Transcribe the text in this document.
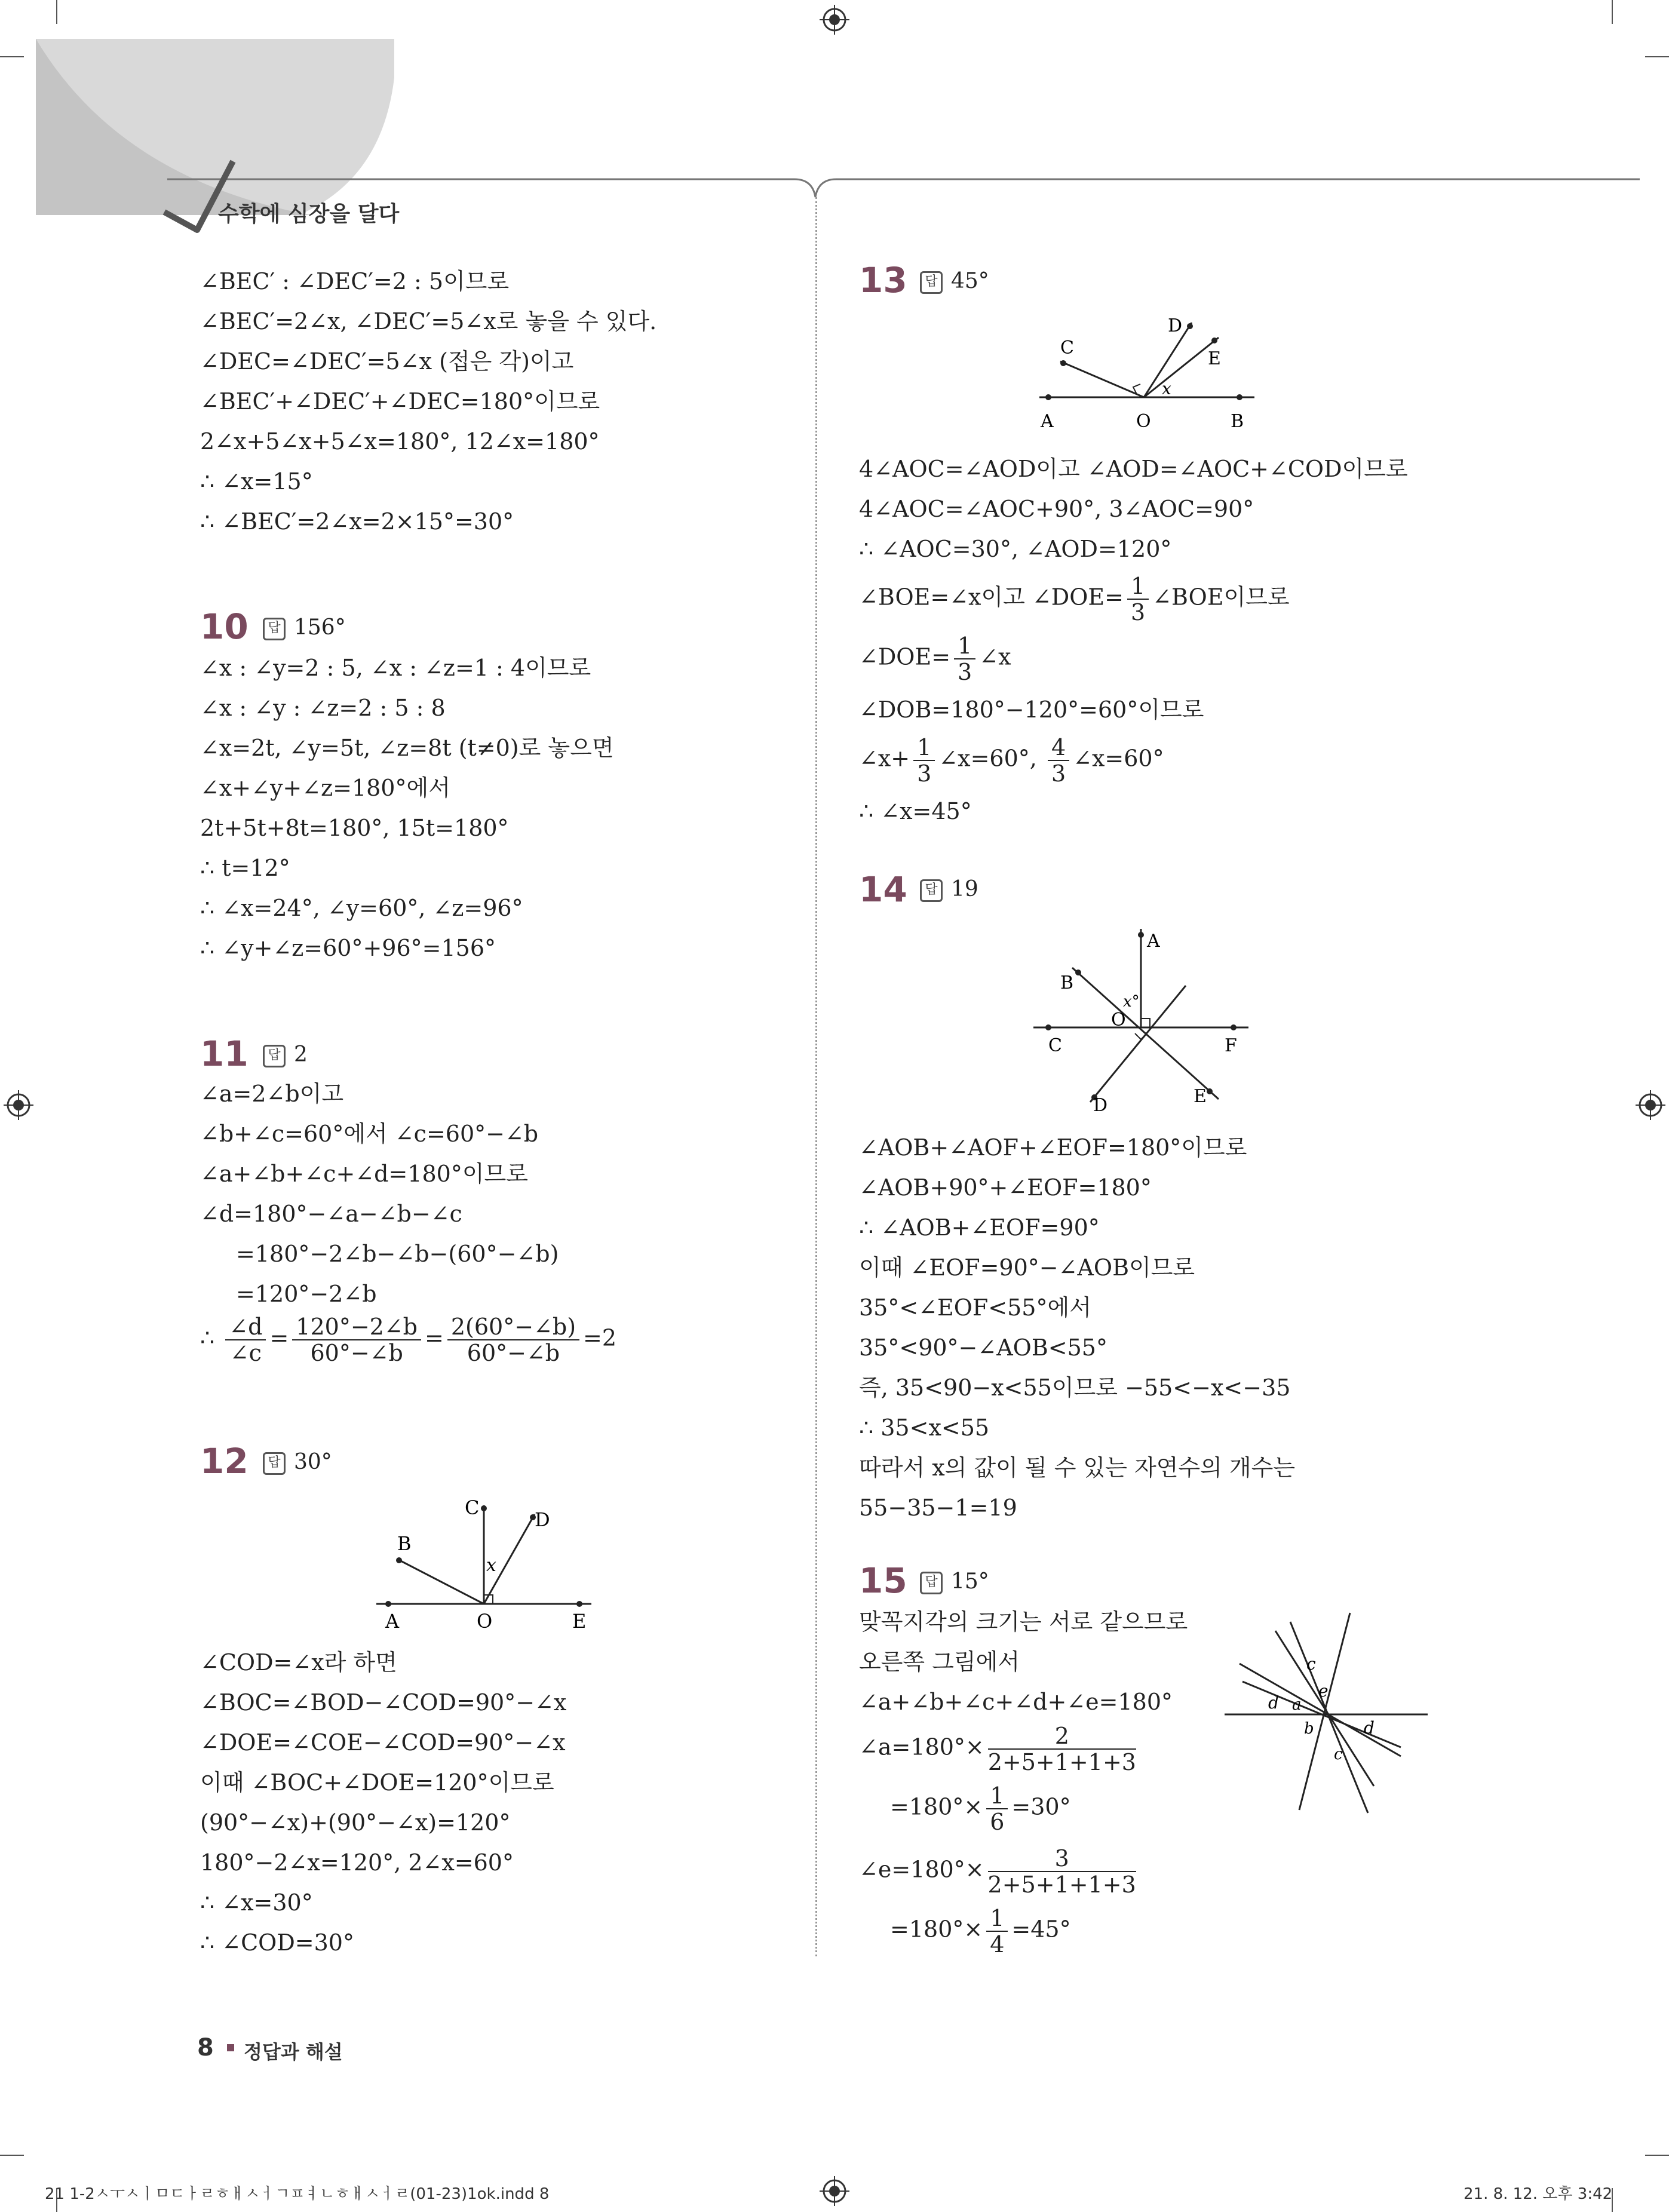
수학에 심장을 달다
∠BEC′ : ∠DEC′=2 : 5이므로
∠BEC′=2∠x, ∠DEC′=5∠x로 놓을 수 있다.
∠DEC=∠DEC′=5∠x (접은 각)이고
∠BEC′+∠DEC′+∠DEC=180°이므로
2∠x+5∠x+5∠x=180°, 12∠x=180°
∴ ∠x=15°
∴ ∠BEC′=2∠x=2×15°=30°
10	답 156°
∠x : ∠y=2 : 5, ∠x : ∠z=1 : 4이므로
∠x : ∠y : ∠z=2 : 5 : 8
∠x=2t, ∠y=5t, ∠z=8t (t≠0)로 놓으면
∠x+∠y+∠z=180°에서
2t+5t+8t=180°, 15t=180°
∴ t=12°
∴ ∠x=24°, ∠y=60°, ∠z=96°
∴ ∠y+∠z=60°+96°=156°
11	답 2
∠a=2∠b이고
∠b+∠c=60°에서 ∠c=60°−∠b
∠a+∠b+∠c+∠d=180°이므로
∠d=180°−∠a−∠b−∠c
=180°−2∠b−∠b−(60°−∠b)
=120°−2∠b
∴ $\frac{\angle d}{\angle c} = \frac{120^\circ-2\angle b}{60^\circ-\angle b} = \frac{2(60^\circ-\angle b)}{60^\circ-\angle b} =2$
12	답 30°
A	O	E
B
C
D
x
∠COD=∠x라 하면
∠BOC=∠BOD−∠COD=90°−∠x
∠DOE=∠COE−∠COD=90°−∠x
이때 ∠BOC+∠DOE=120°이므로
(90°−∠x)+(90°−∠x)=120°
180°−2∠x=120°, 2∠x=60°
∴ ∠x=30°
∴ ∠COD=30°
13	답 45°
A	O	B
C
D
E
x
4∠AOC=∠AOD이고 ∠AOD=∠AOC+∠COD이므로
4∠AOC=∠AOC+90°, 3∠AOC=90°
∴ ∠AOC=30°, ∠AOD=120°
∠BOE=∠x이고 ∠DOE= $\frac{1}{3}$ ∠BOE이므로
∠DOE= $\frac{1}{3}$ ∠x
∠DOB=180°−120°=60°이므로
∠x+ $\frac{1}{3}$ ∠x=60°, $\frac{4}{3}$ ∠x=60°
∴ ∠x=45°
14	답 19
A
B
C
D	E
F
O
x°
∠AOB+∠AOF+∠EOF=180°이므로
∠AOB+90°+∠EOF=180°
∴ ∠AOB+∠EOF=90°
이때 ∠EOF=90°−∠AOB이므로
35°<∠EOF<55°에서
35°<90°−∠AOB<55°
즉, 35<90−x<55이므로 −55<−x<−35
∴ 35<x<55
따라서 x의 값이 될 수 있는 자연수의 개수는
55−35−1=19
15	답 15°
맞꼭지각의 크기는 서로 같으므로
오른쪽 그림에서
∠a+∠b+∠c+∠d+∠e=180°
∠a=180°× $\frac{2}{2+5+1+1+3}$
$=180^\circ\times \frac{1}{6} =30^\circ$
∠e=180°× $\frac{3}{2+5+1+1+3}$
$=180^\circ\times \frac{1}{4} =45^\circ$
c
e
d a
b	d
c
8 정답과 해설
21 1-2ㅅㅜㅅㅣㅁㄷㅏㄹㅎㅐㅅㅓㄱㅍㅕㄴㅎㅐㅅㅓㄹ(01-23)1ok.indd 8	21. 8. 12. 오후 3:42
